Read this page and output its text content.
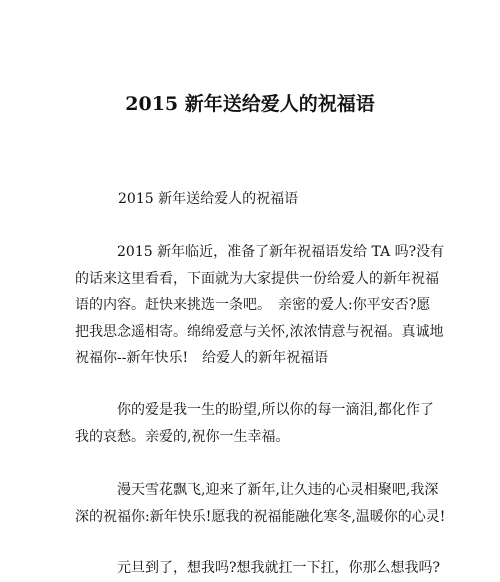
2015 新年送给爱人的祝福语

2015 新年送给爱人的祝福语

2015 新年临近，准备了新年祝福语发给 TA 吗?没有
的话来这里看看，下面就为大家提供一份给爱人的新年祝福
语的内容。赶快来挑选一条吧。　亲密的爱人:你平安否?愿
把我思念遥相寄。绵绵爱意与关怀,浓浓情意与祝福。真诚地
祝福你--新年快乐!　给爱人的新年祝福语
你的爱是我一生的盼望,所以你的每一滴泪,都化作了
我的哀愁。亲爱的,祝你一生幸福。
漫天雪花飘飞,迎来了新年,让久违的心灵相聚吧,我深
深的祝福你:新年快乐!愿我的祝福能融化寒冬,温暖你的心灵!
元旦到了，想我吗?想我就扛一下扛，你那么想我吗?
